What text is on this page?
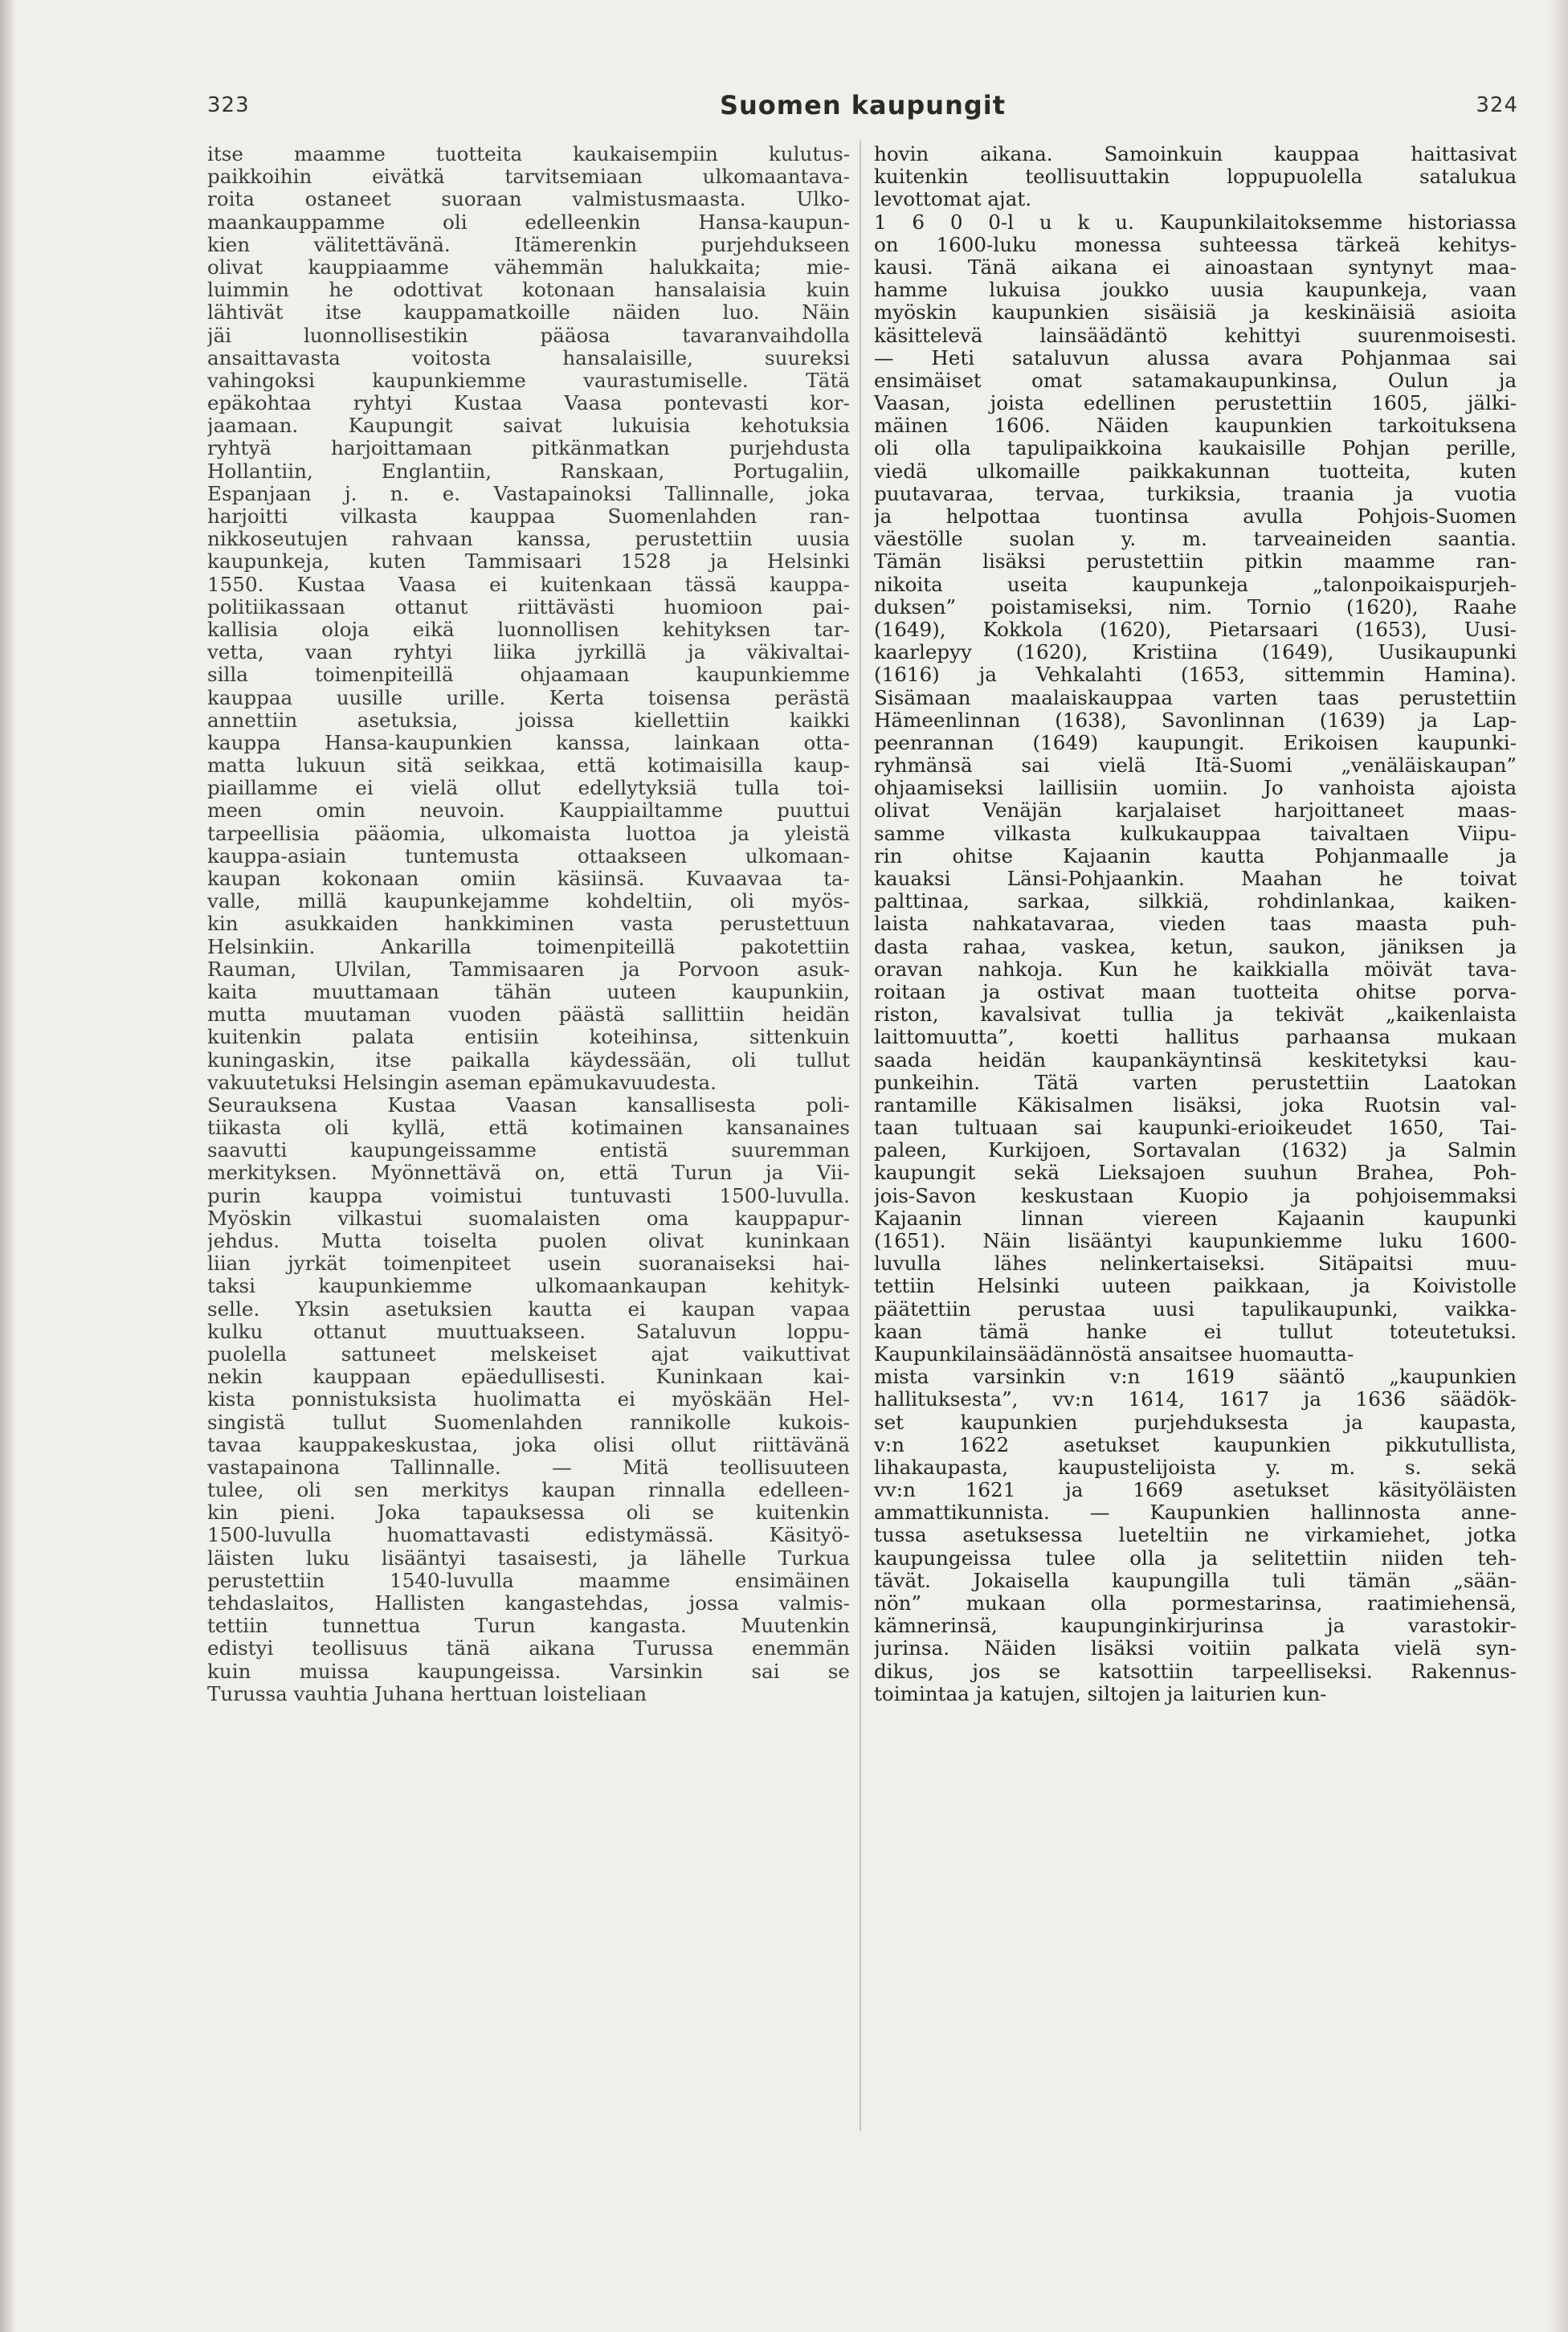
323	Suomen kaupungit	324
itse maamme tuotteita kaukaisempiin kulutus-
paikkoihin eivätkä tarvitsemiaan ulkomaantava-
roita ostaneet suoraan valmistusmaasta. Ulko-
maankauppamme oli edelleenkin Hansa-kaupun-
kien välitettävänä. Itämerenkin purjehdukseen
olivat kauppiaamme vähemmän halukkaita; mie-
luimmin he odottivat kotonaan hansalaisia kuin
lähtivät itse kauppamatkoille näiden luo. Näin
jäi luonnollisestikin pääosa tavaranvaihdolla
ansaittavasta voitosta hansalaisille, suureksi
vahingoksi kaupunkiemme vaurastumiselle. Tätä
epäkohtaa ryhtyi Kustaa Vaasa pontevasti kor-
jaamaan. Kaupungit saivat lukuisia kehotuksia
ryhtyä harjoittamaan pitkänmatkan purjehdusta
Hollantiin, Englantiin, Ranskaan, Portugaliin,
Espanjaan j. n. e. Vastapainoksi Tallinnalle, joka
harjoitti vilkasta kauppaa Suomenlahden ran-
nikkoseutujen rahvaan kanssa, perustettiin uusia
kaupunkeja, kuten Tammisaari 1528 ja Helsinki
1550. Kustaa Vaasa ei kuitenkaan tässä kauppa-
politiikassaan ottanut riittävästi huomioon pai-
kallisia oloja eikä luonnollisen kehityksen tar-
vetta, vaan ryhtyi liika jyrkillä ja väkivaltai-
silla toimenpiteillä ohjaamaan kaupunkiemme
kauppaa uusille urille. Kerta toisensa perästä
annettiin asetuksia, joissa kiellettiin kaikki
kauppa Hansa-kaupunkien kanssa, lainkaan otta-
matta lukuun sitä seikkaa, että kotimaisilla kaup-
piaillamme ei vielä ollut edellytyksiä tulla toi-
meen omin neuvoin. Kauppiailtamme puuttui
tarpeellisia pääomia, ulkomaista luottoa ja yleistä
kauppa-asiain tuntemusta ottaakseen ulkomaan-
kaupan kokonaan omiin käsiinsä. Kuvaavaa ta-
valle, millä kaupunkejamme kohdeltiin, oli myös-
kin asukkaiden hankkiminen vasta perustettuun
Helsinkiin. Ankarilla toimenpiteillä pakotettiin
Rauman, Ulvilan, Tammisaaren ja Porvoon asuk-
kaita muuttamaan tähän uuteen kaupunkiin,
mutta muutaman vuoden päästä sallittiin heidän
kuitenkin palata entisiin koteihinsa, sittenkuin
kuningaskin, itse paikalla käydessään, oli tullut
vakuutetuksi Helsingin aseman epämukavuudesta.
Seurauksena Kustaa Vaasan kansallisesta poli-
tiikasta oli kyllä, että kotimainen kansanaines
saavutti kaupungeissamme entistä suuremman
merkityksen. Myönnettävä on, että Turun ja Vii-
purin kauppa voimistui tuntuvasti 1500-luvulla.
Myöskin vilkastui suomalaisten oma kauppapur-
jehdus. Mutta toiselta puolen olivat kuninkaan
liian jyrkät toimenpiteet usein suoranaiseksi hai-
taksi kaupunkiemme ulkomaankaupan kehityk-
selle. Yksin asetuksien kautta ei kaupan vapaa
kulku ottanut muuttuakseen. Sataluvun loppu-
puolella sattuneet melskeiset ajat vaikuttivat
nekin kauppaan epäedullisesti. Kuninkaan kai-
kista ponnistuksista huolimatta ei myöskään Hel-
singistä tullut Suomenlahden rannikolle kukois-
tavaa kauppakeskustaa, joka olisi ollut riittävänä
vastapainona Tallinnalle. — Mitä teollisuuteen
tulee, oli sen merkitys kaupan rinnalla edelleen-
kin pieni. Joka tapauksessa oli se kuitenkin
1500-luvulla huomattavasti edistymässä. Käsityö-
läisten luku lisääntyi tasaisesti, ja lähelle Turkua
perustettiin 1540-luvulla maamme ensimäinen
tehdaslaitos, Hallisten kangastehdas, jossa valmis-
tettiin tunnettua Turun kangasta. Muutenkin
edistyi teollisuus tänä aikana Turussa enemmän
kuin muissa kaupungeissa. Varsinkin sai se
Turussa vauhtia Juhana herttuan loisteliaan
hovin aikana. Samoinkuin kauppaa haittasivat
kuitenkin teollisuuttakin loppupuolella satalukua
levottomat ajat.
1 6 0 0-l u k u. Kaupunkilaitoksemme historiassa
on 1600-luku monessa suhteessa tärkeä kehitys-
kausi. Tänä aikana ei ainoastaan syntynyt maa-
hamme lukuisa joukko uusia kaupunkeja, vaan
myöskin kaupunkien sisäisiä ja keskinäisiä asioita
käsittelevä lainsäädäntö kehittyi suurenmoisesti.
— Heti sataluvun alussa avara Pohjanmaa sai
ensimäiset omat satamakaupunkinsa, Oulun ja
Vaasan, joista edellinen perustettiin 1605, jälki-
mäinen 1606. Näiden kaupunkien tarkoituksena
oli olla tapulipaikkoina kaukaisille Pohjan perille,
viedä ulkomaille paikkakunnan tuotteita, kuten
puutavaraa, tervaa, turkiksia, traania ja vuotia
ja helpottaa tuontinsa avulla Pohjois-Suomen
väestölle suolan y. m. tarveaineiden saantia.
Tämän lisäksi perustettiin pitkin maamme ran-
nikoita useita kaupunkeja „talonpoikaispurjeh-
duksen” poistamiseksi, nim. Tornio (1620), Raahe
(1649), Kokkola (1620), Pietarsaari (1653), Uusi-
kaarlepyy (1620), Kristiina (1649), Uusikaupunki
(1616) ja Vehkalahti (1653, sittemmin Hamina).
Sisämaan maalaiskauppaa varten taas perustettiin
Hämeenlinnan (1638), Savonlinnan (1639) ja Lap-
peenrannan (1649) kaupungit. Erikoisen kaupunki-
ryhmänsä sai vielä Itä-Suomi „venäläiskaupan”
ohjaamiseksi laillisiin uomiin. Jo vanhoista ajoista
olivat Venäjän karjalaiset harjoittaneet maas-
samme vilkasta kulkukauppaa taivaltaen Viipu-
rin ohitse Kajaanin kautta Pohjanmaalle ja
kauaksi Länsi-Pohjaankin. Maahan he toivat
palttinaa, sarkaa, silkkiä, rohdinlankaa, kaiken-
laista nahkatavaraa, vieden taas maasta puh-
dasta rahaa, vaskea, ketun, saukon, jäniksen ja
oravan nahkoja. Kun he kaikkialla möivät tava-
roitaan ja ostivat maan tuotteita ohitse porva-
riston, kavalsivat tullia ja tekivät „kaikenlaista
laittomuutta”, koetti hallitus parhaansa mukaan
saada heidän kaupankäyntinsä keskitetyksi kau-
punkeihin. Tätä varten perustettiin Laatokan
rantamille Käkisalmen lisäksi, joka Ruotsin val-
taan tultuaan sai kaupunki-erioikeudet 1650, Tai-
paleen, Kurkijoen, Sortavalan (1632) ja Salmin
kaupungit sekä Lieksajoen suuhun Brahea, Poh-
jois-Savon keskustaan Kuopio ja pohjoisemmaksi
Kajaanin linnan viereen Kajaanin kaupunki
(1651). Näin lisääntyi kaupunkiemme luku 1600-
luvulla lähes nelinkertaiseksi. Sitäpaitsi muu-
tettiin Helsinki uuteen paikkaan, ja Koivistolle
päätettiin perustaa uusi tapulikaupunki, vaikka-
kaan tämä hanke ei tullut toteutetuksi.
Kaupunkilainsäädännöstä ansaitsee huomautta-
mista varsinkin v:n 1619 sääntö „kaupunkien
hallituksesta”, vv:n 1614, 1617 ja 1636 säädök-
set kaupunkien purjehduksesta ja kaupasta,
v:n 1622 asetukset kaupunkien pikkutullista,
lihakaupasta, kaupustelijoista y. m. s. sekä
vv:n 1621 ja 1669 asetukset käsityöläisten
ammattikunnista. — Kaupunkien hallinnosta anne-
tussa asetuksessa lueteltiin ne virkamiehet, jotka
kaupungeissa tulee olla ja selitettiin niiden teh-
tävät. Jokaisella kaupungilla tuli tämän „sään-
nön” mukaan olla pormestarinsa, raatimiehensä,
kämnerinsä, kaupunginkirjurinsa ja varastokir-
jurinsa. Näiden lisäksi voitiin palkata vielä syn-
dikus, jos se katsottiin tarpeelliseksi. Rakennus-
toimintaa ja katujen, siltojen ja laiturien kun-
